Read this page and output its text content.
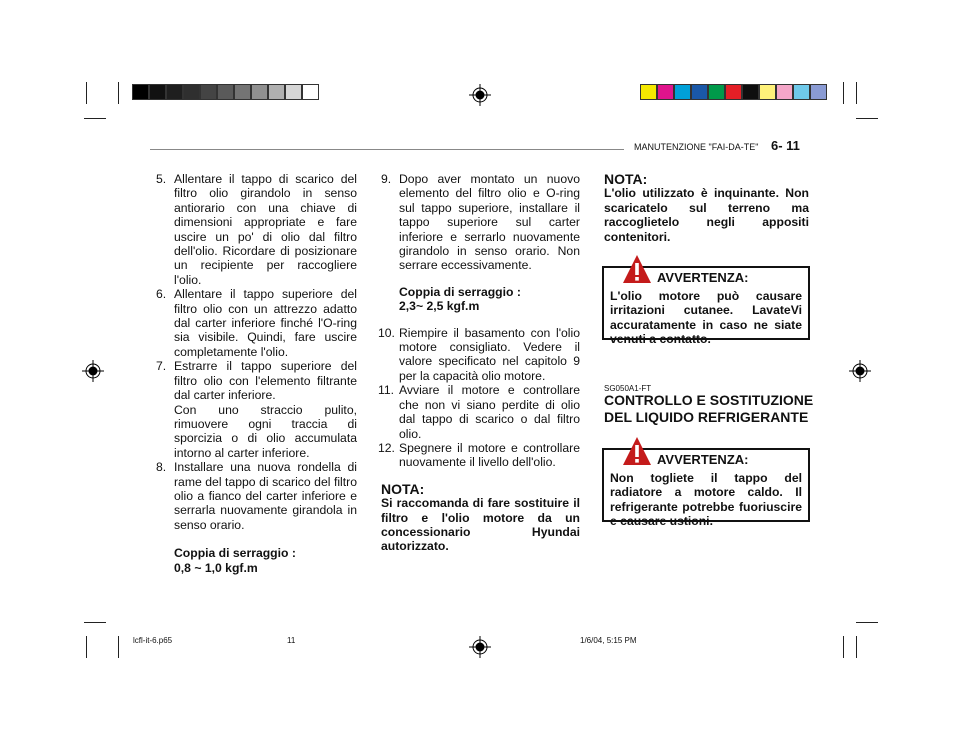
MANUTENZIONE "FAI-DA-TE" 6- 11
5. Allentare il tappo di scarico del filtro olio girandolo in senso antiorario con una chiave di dimensioni appropriate e fare uscire un po' di olio dal filtro dell'olio. Ricordare di posizionare un recipiente per raccogliere l'olio.
6. Allentare il tappo superiore del filtro olio con un attrezzo adatto dal carter inferiore finché l'O-ring sia visibile. Quindi, fare uscire completamente l'olio.
7. Estrarre il tappo superiore del filtro olio con l'elemento filtrante dal carter inferiore.
Con uno straccio pulito, rimuovere ogni traccia di sporcizia o di olio accumulata intorno al carter inferiore.
8. Installare una nuova rondella di rame del tappo di scarico del filtro olio a fianco del carter inferiore e serrarla nuovamente girandola in senso orario.
Coppia di serraggio :
0,8 ~ 1,0 kgf.m
9. Dopo aver montato un nuovo elemento del filtro olio e O-ring sul tappo superiore, installare il tappo superiore sul carter inferiore e serrarlo nuovamente girandolo in senso orario. Non serrare eccessivamente.
Coppia di serraggio :
2,3~ 2,5 kgf.m
10. Riempire il basamento con l'olio motore consigliato. Vedere il valore specificato nel capitolo 9 per la capacità olio motore.
11. Avviare il motore e controllare che non vi siano perdite di olio dal tappo di scarico o dal filtro olio.
12. Spegnere il motore e controllare nuovamente il livello dell'olio.
NOTA:
Si raccomanda di fare sostituire il filtro e l'olio motore da un concessionario Hyundai autorizzato.
NOTA:
L'olio utilizzato è inquinante. Non scaricatelo sul terreno ma raccoglietelo negli appositi contenitori.
AVVERTENZA:
L'olio motore può causare irritazioni cutanee. LavateVi accuratamente in caso ne siate venuti a contatto.
SG050A1-FT
CONTROLLO E SOSTITUZIONE
DEL LIQUIDO REFRIGERANTE
AVVERTENZA:
Non togliete il tappo del radiatore a motore caldo. Il refrigerante potrebbe fuoriuscire e causare ustioni.
lcfl-it-6.p65	11	1/6/04, 5:15 PM
